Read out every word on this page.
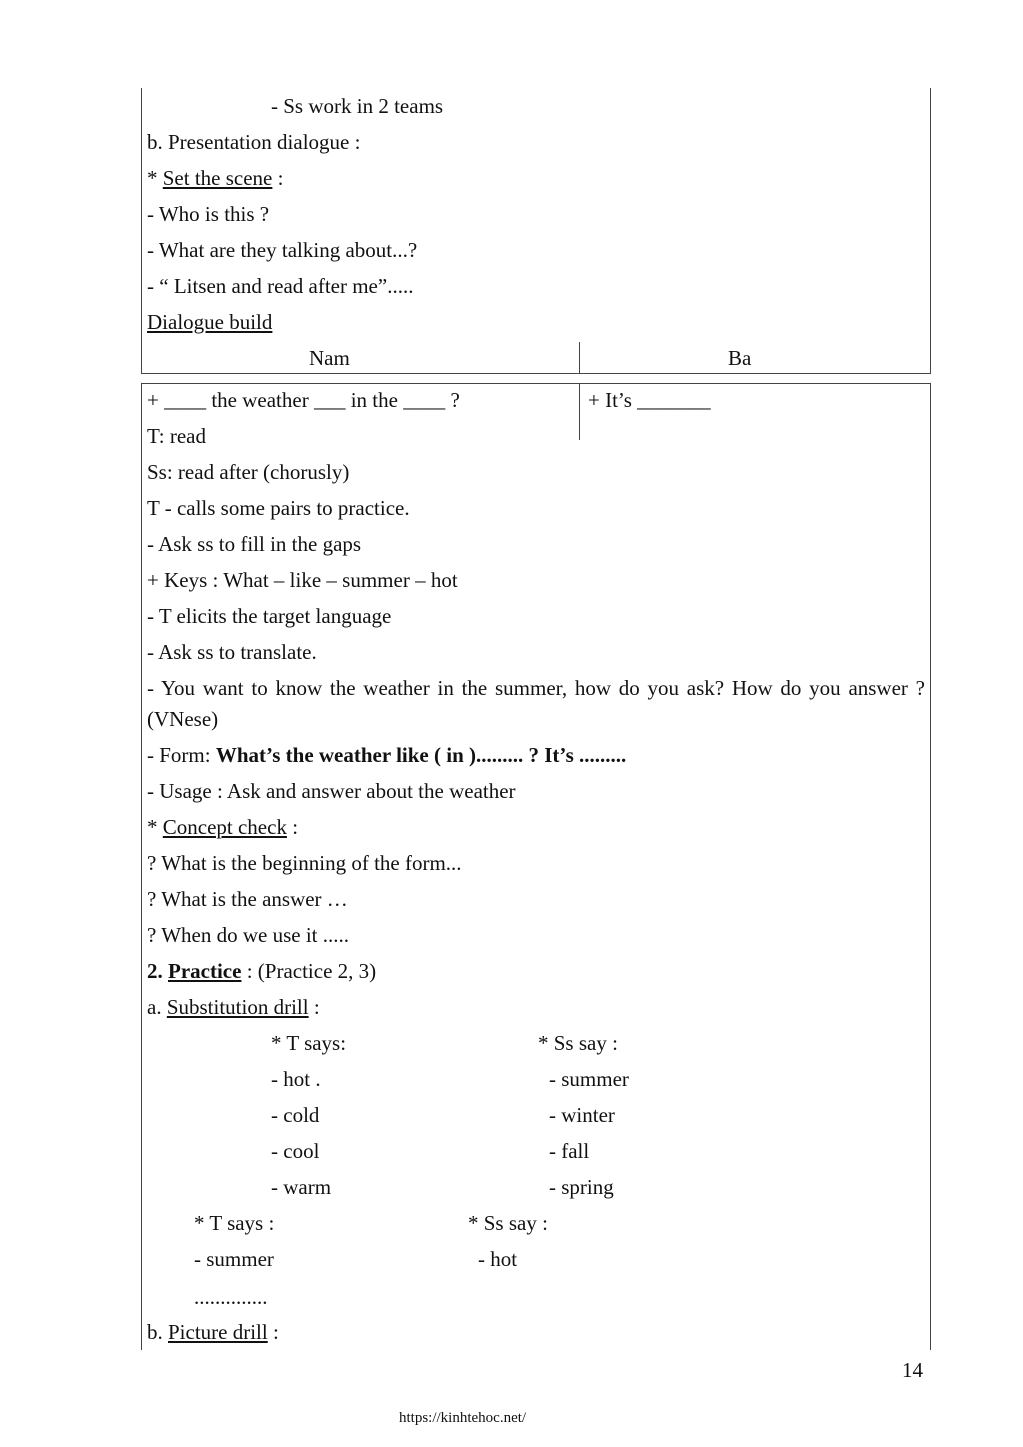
- Ss work in 2 teams
b. Presentation dialogue :
* Set the scene :
- Who is this ?
- What are they talking about...?
- “ Litsen and read after me”.....
Dialogue build
Nam	Ba
+ ____ the weather ___ in the ____ ?	+ It’s _______
T: read
Ss: read after (chorusly)
T - calls some pairs to practice.
- Ask ss to fill in the gaps
+ Keys : What – like – summer – hot
- T elicits the target language
- Ask ss to translate.
- You want to know the weather in the summer, how do you ask? How do you answer ? (VNese)
- Form: What’s the weather like ( in )......... ? It’s .........
- Usage : Ask and answer about the weather
* Concept check :
? What is the beginning of the form...
? What is the answer …
? When do we use it .....
2. Practice : (Practice 2, 3)
a. Substitution drill :
* T says:	* Ss say :
- hot .	- summer
- cold	- winter
- cool	- fall
- warm	- spring
* T says :	* Ss say :
- summer	- hot
..............
b. Picture drill :
14
https://kinhtehoc.net/
